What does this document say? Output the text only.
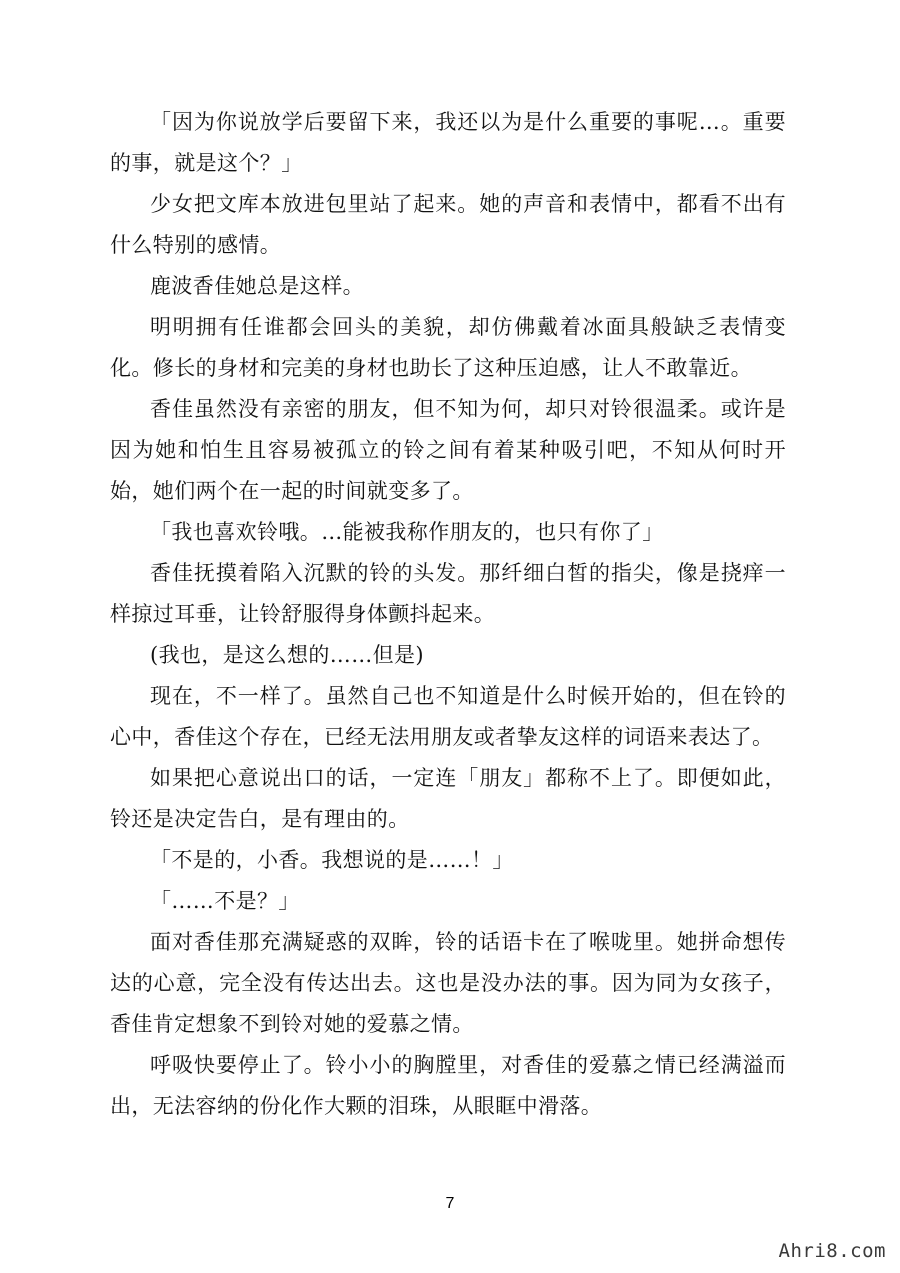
「因为你说放学后要留下来，我还以为是什么重要的事呢…。重要的事，就是这个？」

少女把文库本放进包里站了起来。她的声音和表情中，都看不出有什么特别的感情。

鹿波香佳她总是这样。

明明拥有任谁都会回头的美貌，却仿佛戴着冰面具般缺乏表情变化。修长的身材和完美的身材也助长了这种压迫感，让人不敢靠近。

香佳虽然没有亲密的朋友，但不知为何，却只对铃很温柔。或许是因为她和怕生且容易被孤立的铃之间有着某种吸引吧，不知从何时开始，她们两个在一起的时间就变多了。

「我也喜欢铃哦。…能被我称作朋友的，也只有你了」

香佳抚摸着陷入沉默的铃的头发。那纤细白皙的指尖，像是挠痒一样掠过耳垂，让铃舒服得身体颤抖起来。

(我也，是这么想的……但是)

现在，不一样了。虽然自己也不知道是什么时候开始的，但在铃的心中，香佳这个存在，已经无法用朋友或者挚友这样的词语来表达了。

如果把心意说出口的话，一定连「朋友」都称不上了。即便如此，铃还是决定告白，是有理由的。

「不是的，小香。我想说的是……！」

「……不是？」

面对香佳那充满疑惑的双眸，铃的话语卡在了喉咙里。她拼命想传达的心意，完全没有传达出去。这也是没办法的事。因为同为女孩子，香佳肯定想象不到铃对她的爱慕之情。

呼吸快要停止了。铃小小的胸膛里，对香佳的爱慕之情已经满溢而出，无法容纳的份化作大颗的泪珠，从眼眶中滑落。

7
Ahri8.com
